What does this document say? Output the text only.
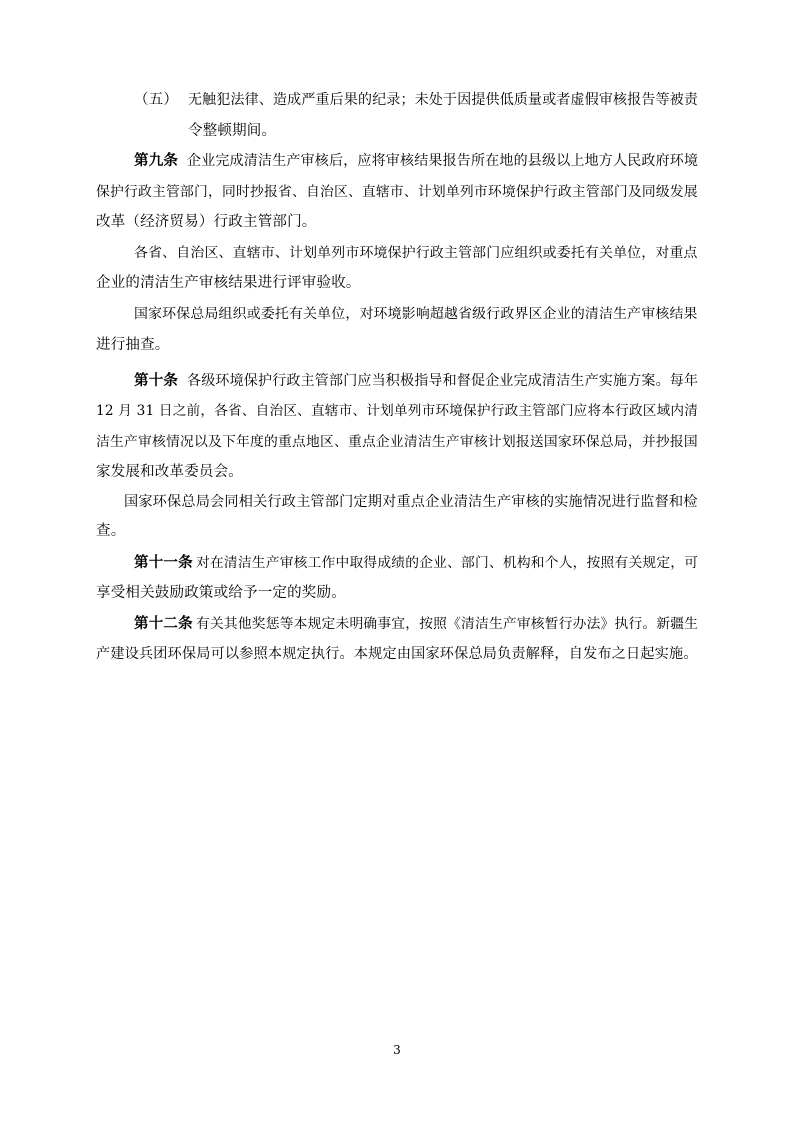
（五） 无触犯法律、造成严重后果的纪录；未处于因提供低质量或者虚假审核报告等被责
令整顿期间。
第九条 企业完成清洁生产审核后，应将审核结果报告所在地的县级以上地方人民政府环境
保护行政主管部门，同时抄报省、自治区、直辖市、计划单列市环境保护行政主管部门及同级发展
改革（经济贸易）行政主管部门。
各省、自治区、直辖市、计划单列市环境保护行政主管部门应组织或委托有关单位，对重点
企业的清洁生产审核结果进行评审验收。
国家环保总局组织或委托有关单位，对环境影响超越省级行政界区企业的清洁生产审核结果
进行抽查。
第十条 各级环境保护行政主管部门应当积极指导和督促企业完成清洁生产实施方案。每年
12 月 31 日之前，各省、自治区、直辖市、计划单列市环境保护行政主管部门应将本行政区域内清
洁生产审核情况以及下年度的重点地区、重点企业清洁生产审核计划报送国家环保总局，并抄报国
家发展和改革委员会。
国家环保总局会同相关行政主管部门定期对重点企业清洁生产审核的实施情况进行监督和检
查。
第十一条 对在清洁生产审核工作中取得成绩的企业、部门、机构和个人，按照有关规定，可
享受相关鼓励政策或给予一定的奖励。
第十二条 有关其他奖惩等本规定未明确事宜，按照《清洁生产审核暂行办法》执行。新疆生
产建设兵团环保局可以参照本规定执行。本规定由国家环保总局负责解释，自发布之日起实施。
3
